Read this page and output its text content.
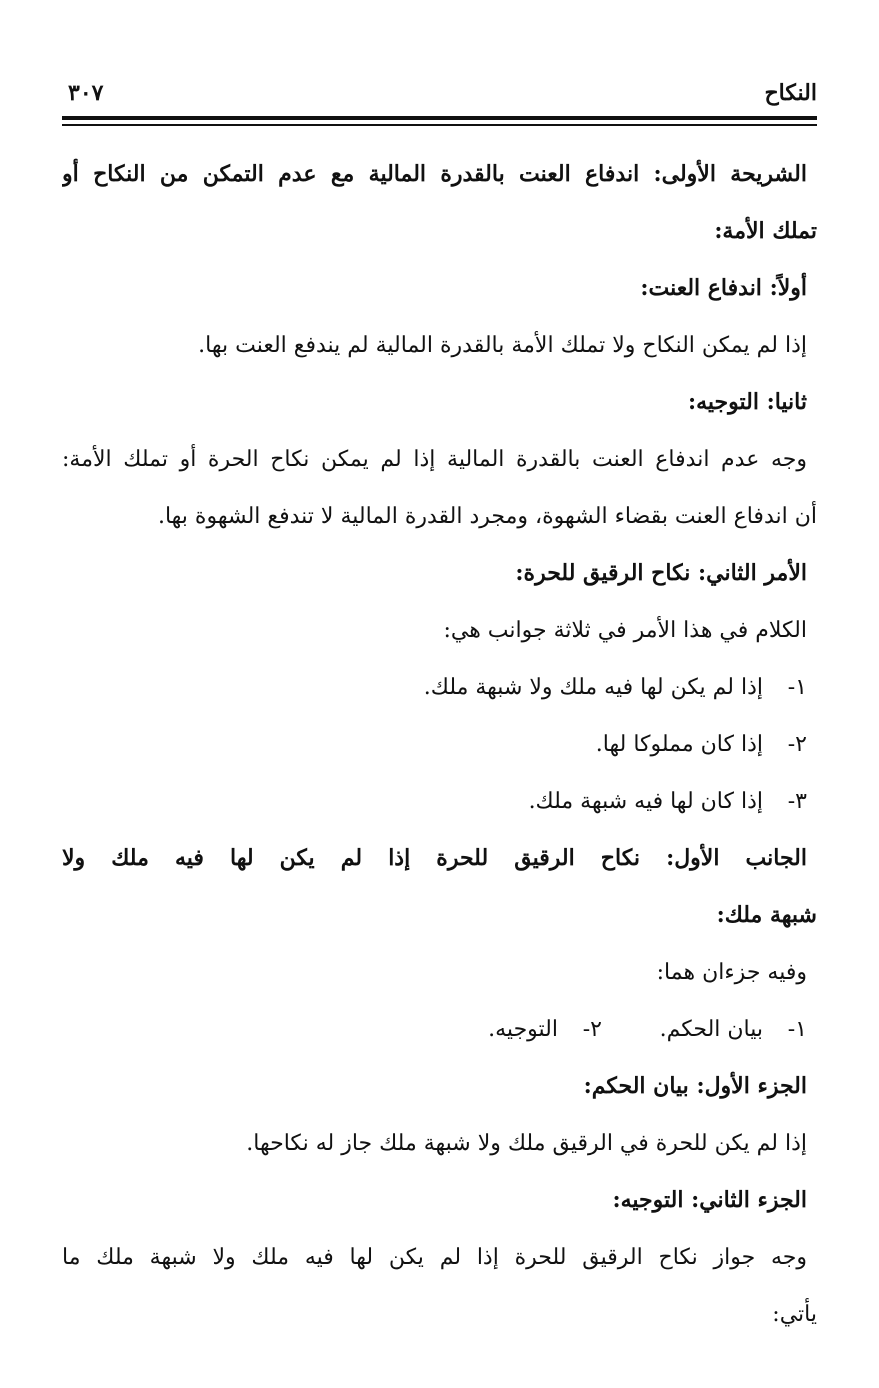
النكاح
٣٠٧
الشريحة الأولى: اندفاع العنت بالقدرة المالية مع عدم التمكن من النكاح أو
تملك الأمة:
أولاً: اندفاع العنت:
إذا لم يمكن النكاح ولا تملك الأمة بالقدرة المالية لم يندفع العنت بها.
ثانيا: التوجيه:
وجه عدم اندفاع العنت بالقدرة المالية إذا لم يمكن نكاح الحرة أو تملك الأمة:
أن اندفاع العنت بقضاء الشهوة، ومجرد القدرة المالية لا تندفع الشهوة بها.
الأمر الثاني: نكاح الرقيق للحرة:
الكلام في هذا الأمر في ثلاثة جوانب هي:
١-
إذا لم يكن لها فيه ملك ولا شبهة ملك.
٢-
إذا كان مملوكا لها.
٣-
إذا كان لها فيه شبهة ملك.
الجانب الأول: نكاح الرقيق للحرة إذا لم يكن لها فيه ملك ولا
شبهة ملك:
وفيه جزءان هما:
١-
بيان الحكم.
٢-
التوجيه.
الجزء الأول: بيان الحكم:
إذا لم يكن للحرة في الرقيق ملك ولا شبهة ملك جاز له نكاحها.
الجزء الثاني: التوجيه:
وجه جواز نكاح الرقيق للحرة إذا لم يكن لها فيه ملك ولا شبهة ملك ما
يأتي:
